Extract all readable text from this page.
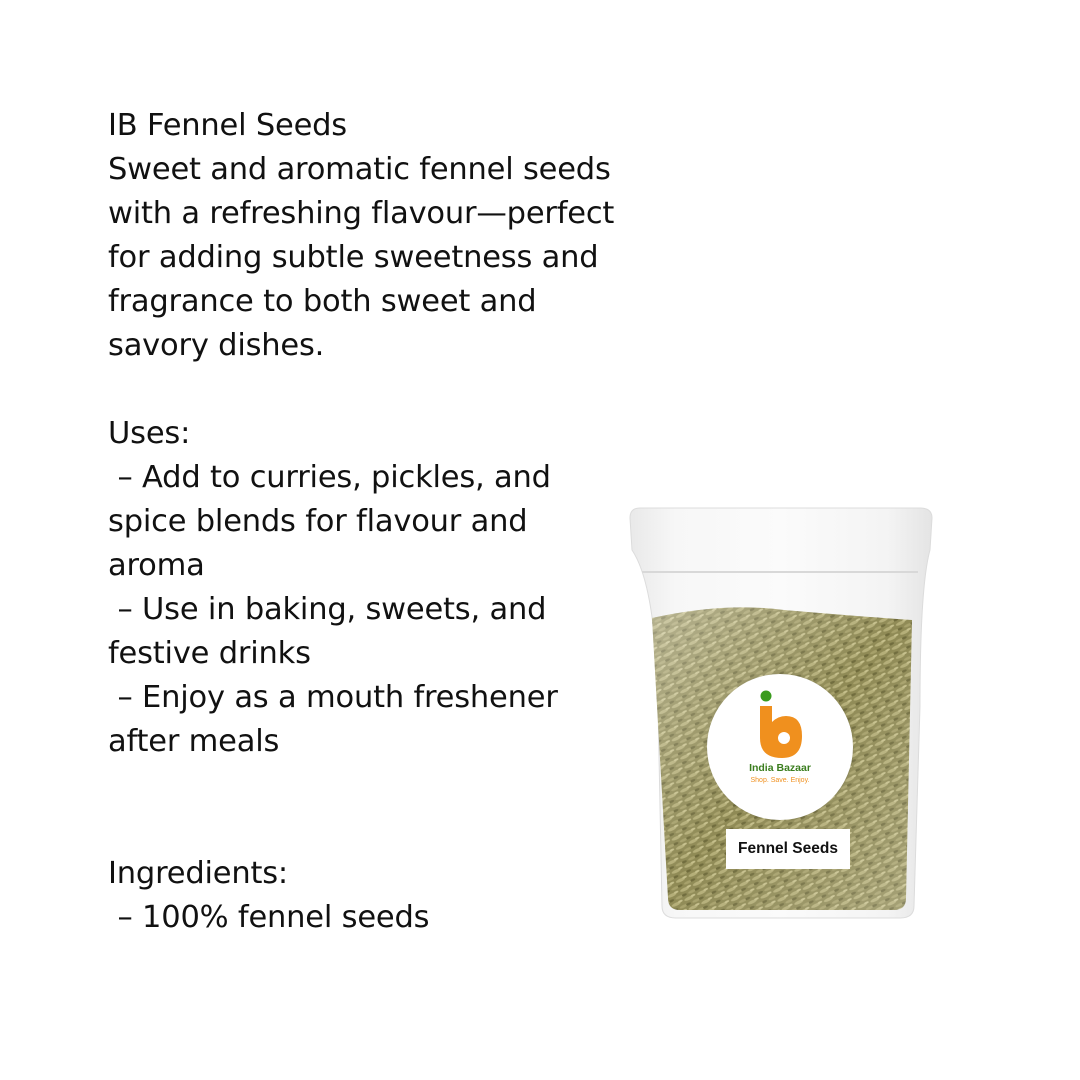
IB Fennel Seeds
Sweet and aromatic fennel seeds
with a refreshing flavour—perfect
for adding subtle sweetness and
fragrance to both sweet and
savory dishes.
Uses:
– Add to curries, pickles, and
spice blends for flavour and
aroma
– Use in baking, sweets, and
festive drinks
– Enjoy as a mouth freshener
after meals
Ingredients:
– 100% fennel seeds
India Bazaar
Shop. Save. Enjoy.
Fennel Seeds
